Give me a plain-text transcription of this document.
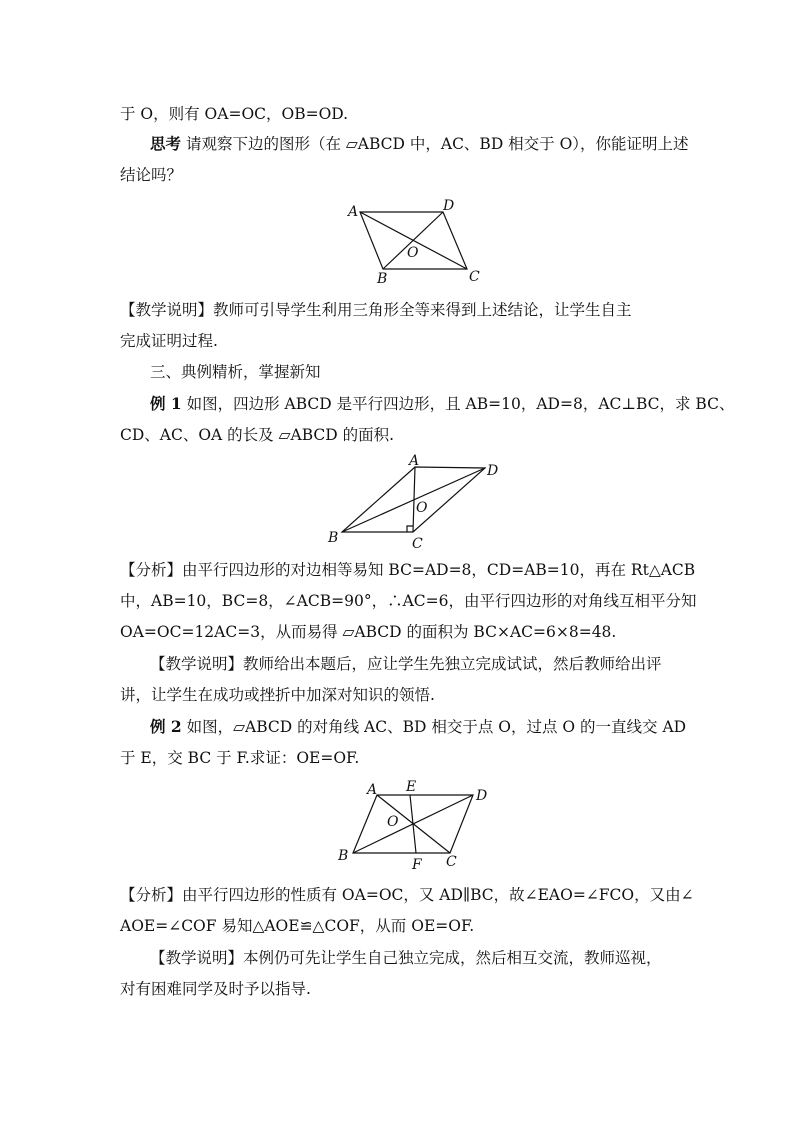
于 O，则有 OA=OC，OB=OD.
思考 请观察下边的图形（在 ▱ABCD 中，AC、BD 相交于 O），你能证明上述
结论吗？
A	D
O
B	C
【教学说明】教师可引导学生利用三角形全等来得到上述结论，让学生自主
完成证明过程.
三、典例精析，掌握新知
例 1 如图，四边形 ABCD 是平行四边形，且 AB=10，AD=8，AC⊥BC，求 BC、
CD、AC、OA 的长及 ▱ABCD 的面积.
A
D
O
B	C
【分析】由平行四边形的对边相等易知 BC=AD=8，CD=AB=10，再在 Rt△ACB
中，AB=10，BC=8，∠ACB=90°，∴AC=6，由平行四边形的对角线互相平分知
OA=OC=12AC=3，从而易得 ▱ABCD 的面积为 BC×AC=6×8=48.
【教学说明】教师给出本题后，应让学生先独立完成试试，然后教师给出评
讲，让学生在成功或挫折中加深对知识的领悟.
例 2 如图，▱ABCD 的对角线 AC、BD 相交于点 O，过点 O 的一直线交 AD
于 E，交 BC 于 F.求证：OE=OF.
A E
D
O
B
F C
【分析】由平行四边形的性质有 OA=OC，又 AD∥BC，故∠EAO=∠FCO，又由∠
AOE=∠COF 易知△AOE≌△COF，从而 OE=OF.
【教学说明】本例仍可先让学生自己独立完成，然后相互交流，教师巡视，
对有困难同学及时予以指导.
